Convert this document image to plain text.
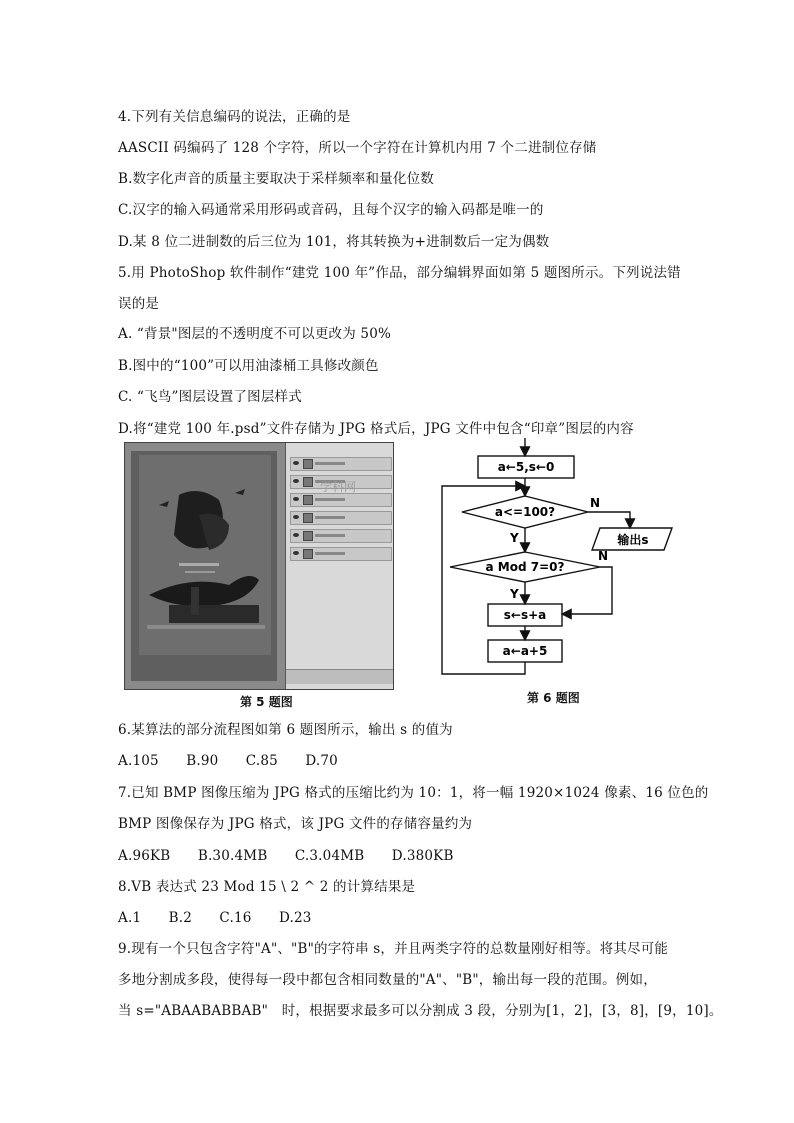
4.下列有关信息编码的说法，正确的是
AASCII 码编码了 128 个字符，所以一个字符在计算机内用 7 个二进制位存储
B.数字化声音的质量主要取决于采样频率和量化位数
C.汉字的输入码通常采用形码或音码，且每个汉字的输入码都是唯一的
D.某 8 位二进制数的后三位为 101，将其转换为+进制数后一定为偶数
5.用 PhotoShop 软件制作“建党 100 年”作品，部分编辑界面如第 5 题图所示。下列说法错
误的是
A. “背景"图层的不透明度不可以更改为 50%
B.图中的“100”可以用油漆桶工具修改颜色
C. “飞鸟”图层设置了图层样式
D.将“建党 100 年.psd”文件存储为 JPG 格式后，JPG 文件中包含“印章”图层的内容
学科网
第 5 题图
a←5,s←0
a<=100?
N
输出s
Y
a Mod 7=0?
N
Y
s←s+a
a←a+5
第 6 题图
6.某算法的部分流程图如第 6 题图所示，输出 s 的值为
A.105　　B.90　　C.85　　D.70
7.已知 BMP 图像压缩为 JPG 格式的压缩比约为 10：1，将一幅 1920×1024 像素、16 位色的
BMP 图像保存为 JPG 格式，该 JPG 文件的存储容量约为
A.96KB　　B.30.4MB　　C.3.04MB　　D.380KB
8.VB 表达式 23 Mod 15 \ 2 ^ 2 的计算结果是
A.1　　B.2　　C.16　　D.23
9.现有一个只包含字符"A"、"B"的字符串 s，并且两类字符的总数量刚好相等。将其尽可能
多地分割成多段，使得每一段中都包含相同数量的"A"、"B"，输出每一段的范围。例如，
当 s="ABAABABBAB"　时，根据要求最多可以分割成 3 段，分别为[1，2]，[3，8]，[9，10]。
